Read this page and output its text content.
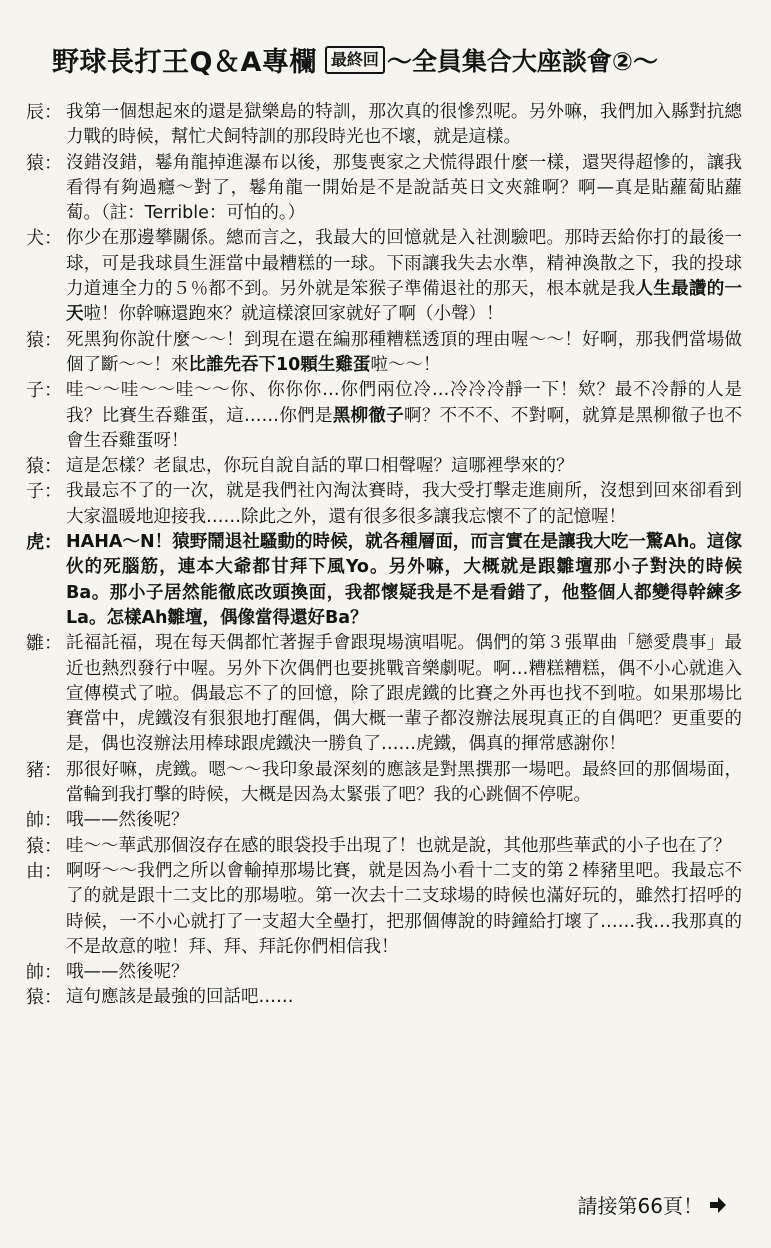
野球長打王Q＆A專欄 最終回 ～全員集合大座談會②～
辰： 我第一個想起來的還是獄樂島的特訓，那次真的很慘烈呢。另外嘛，我們加入縣對抗總力戰的時候，幫忙犬飼特訓的那段時光也不壞，就是這樣。
猿： 沒錯沒錯，鬈角龍掉進瀑布以後，那隻喪家之犬慌得跟什麼一樣，還哭得超慘的，讓我看得有夠過癮～對了，鬈角龍一開始是不是說話英日文夾雜啊？啊—真是貼蘿蔔貼蘿蔔。（註：Terrible：可怕的。）
犬： 你少在那邊攀關係。總而言之，我最大的回憶就是入社測驗吧。那時丟給你打的最後一球，可是我球員生涯當中最糟糕的一球。下雨讓我失去水準，精神渙散之下，我的投球力道連全力的５％都不到。另外就是笨猴子準備退社的那天，根本就是我人生最讚的一天啦！你幹嘛還跑來？就這樣滾回家就好了啊（小聲）！
猿： 死黑狗你說什麼～～！到現在還在編那種糟糕透頂的理由喔～～！好啊，那我們當場做個了斷～～！來比誰先吞下10顆生雞蛋啦～～！
子： 哇～～哇～～哇～～你、你你你…你們兩位冷…冷冷冷靜一下！欸？最不冷靜的人是我？比賽生吞雞蛋，這……你們是黑柳徹子啊？不不不、不對啊，就算是黑柳徹子也不會生吞雞蛋呀！
猿： 這是怎樣？老鼠忠，你玩自說自話的單口相聲喔？這哪裡學來的？
子： 我最忘不了的一次，就是我們社內淘汰賽時，我大受打擊走進廁所，沒想到回來卻看到大家溫暖地迎接我……除此之外，還有很多很多讓我忘懷不了的記憶喔！
虎： HAHA～N！猿野鬧退社騷動的時候，就各種層面，而言實在是讓我大吃一驚Ah。這傢伙的死腦筋，連本大爺都甘拜下風Yo。另外嘛，大概就是跟雛壇那小子對決的時候Ba。那小子居然能徹底改頭換面，我都懷疑我是不是看錯了，他整個人都變得幹練多La。怎樣Ah雛壇，偶像當得還好Ba？
雛： 託福託福，現在每天偶都忙著握手會跟現場演唱呢。偶們的第３張單曲「戀愛農事」最近也熱烈發行中喔。另外下次偶們也要挑戰音樂劇呢。啊…糟糕糟糕，偶不小心就進入宣傳模式了啦。偶最忘不了的回憶，除了跟虎鐵的比賽之外再也找不到啦。如果那場比賽當中，虎鐵沒有狠狠地打醒偶，偶大概一輩子都沒辦法展現真正的自偶吧？更重要的是，偶也沒辦法用棒球跟虎鐵決一勝負了……虎鐵，偶真的揮常感謝你！
豬： 那很好嘛，虎鐵。嗯～～我印象最深刻的應該是對黑撰那一場吧。最終回的那個場面，當輪到我打擊的時候，大概是因為太緊張了吧？我的心跳個不停呢。
帥： 哦——然後呢？
猿： 哇～～華武那個沒存在感的眼袋投手出現了！也就是說，其他那些華武的小子也在了？
由： 啊呀～～我們之所以會輸掉那場比賽，就是因為小看十二支的第２棒豬里吧。我最忘不了的就是跟十二支比的那場啦。第一次去十二支球場的時候也滿好玩的，雖然打招呼的時候，一不小心就打了一支超大全壘打，把那個傳說的時鐘給打壞了……我…我那真的不是故意的啦！拜、拜、拜託你們相信我！
帥： 哦——然後呢？
猿： 這句應該是最強的回話吧……
請接第66頁！
